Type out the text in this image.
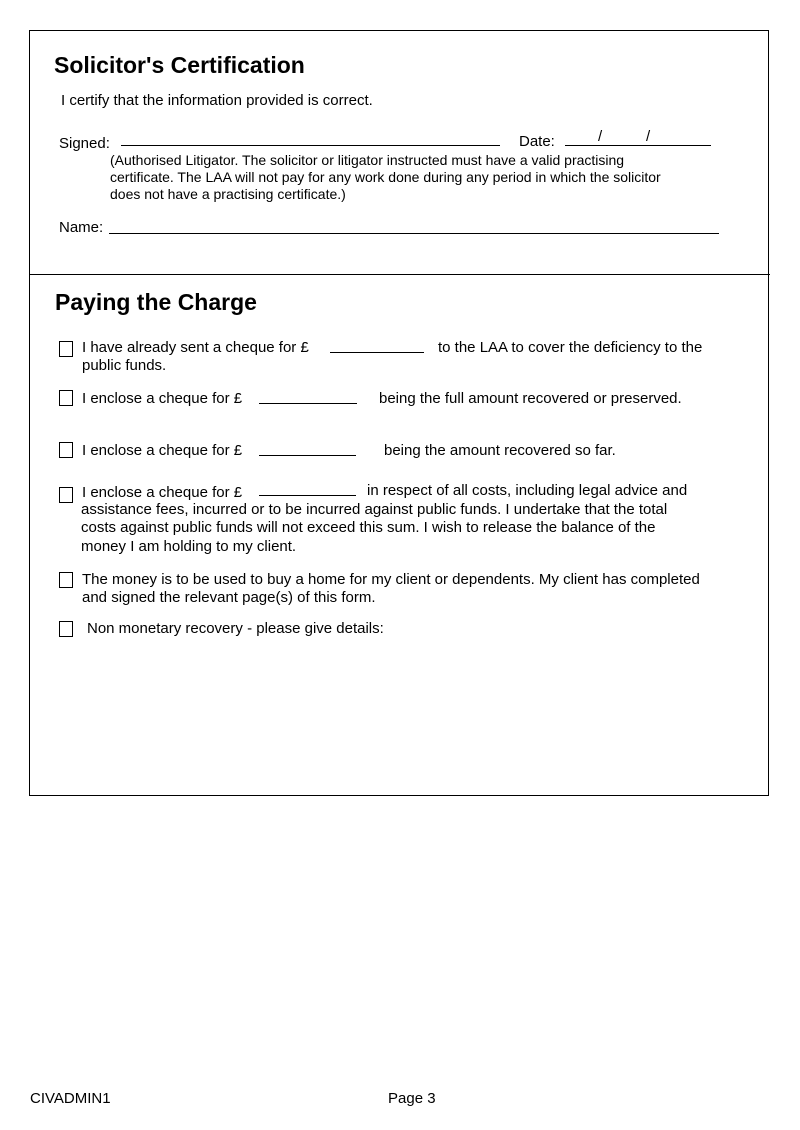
Solicitor's Certification
I certify that the information provided is correct.
Signed:	Date:	/	/
(Authorised Litigator. The solicitor or litigator instructed must have a valid practising
certificate. The LAA will not pay for any work done during any period in which the solicitor
does not have a practising certificate.)
Name:
Paying the Charge
I have already sent a cheque for £	to the LAA to cover the deficiency to the
public funds.
I enclose a cheque for £	being the full amount recovered or preserved.
I enclose a cheque for £	being the amount recovered so far.
I enclose a cheque for £	in respect of all costs, including legal advice and
assistance fees, incurred or to be incurred against public funds. I undertake that the total
costs against public funds will not exceed this sum. I wish to release the balance of the
money I am holding to my client.
The money is to be used to buy a home for my client or dependents. My client has completed
and signed the relevant page(s) of this form.
Non monetary recovery - please give details:
CIVADMIN1	Page 3
